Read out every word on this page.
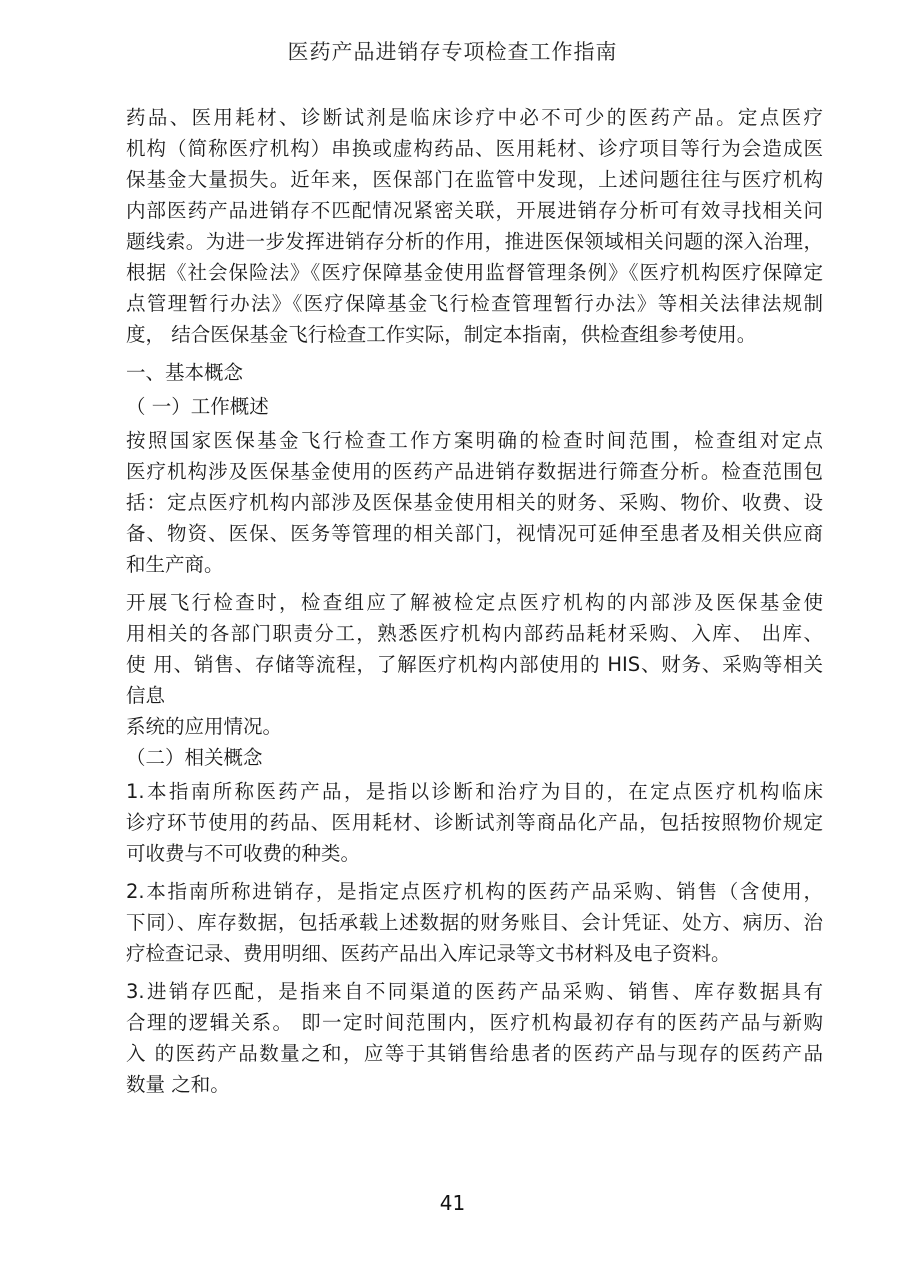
医药产品进销存专项检查工作指南
药品、医用耗材、诊断试剂是临床诊疗中必不可少的医药产品。定点医疗
机构（简称医疗机构）串换或虚构药品、医用耗材、诊疗项目等行为会造成医
保基金大量损失。近年来，医保部门在监管中发现，上述问题往往与医疗机构
内部医药产品进销存不匹配情况紧密关联，开展进销存分析可有效寻找相关问
题线索。为进一步发挥进销存分析的作用，推进医保领域相关问题的深入治理，
根据《社会保险法》《医疗保障基金使用监督管理条例》《医疗机构医疗保障定
点管理暂行办法》《医疗保障基金飞行检查管理暂行办法》等相关法律法规制
度， 结合医保基金飞行检查工作实际，制定本指南，供检查组参考使用。
一、基本概念
（ 一）工作概述
按照国家医保基金飞行检查工作方案明确的检查时间范围，检查组对定点
医疗机构涉及医保基金使用的医药产品进销存数据进行筛查分析。检查范围包
括：定点医疗机构内部涉及医保基金使用相关的财务、采购、物价、收费、设
备、物资、医保、医务等管理的相关部门，视情况可延伸至患者及相关供应商
和生产商。
开展飞行检查时，检查组应了解被检定点医疗机构的内部涉及医保基金使
用相关的各部门职责分工，熟悉医疗机构内部药品耗材采购、入库、 出库、
使 用、销售、存储等流程，了解医疗机构内部使用的 HIS、财务、采购等相关
信息
系统的应用情况。
（二）相关概念
1.本指南所称医药产品，是指以诊断和治疗为目的，在定点医疗机构临床
诊疗环节使用的药品、医用耗材、诊断试剂等商品化产品，包括按照物价规定
可收费与不可收费的种类。
2.本指南所称进销存，是指定点医疗机构的医药产品采购、销售（含使用，
下同）、库存数据，包括承载上述数据的财务账目、会计凭证、处方、病历、治
疗检查记录、费用明细、医药产品出入库记录等文书材料及电子资料。
3.进销存匹配，是指来自不同渠道的医药产品采购、销售、库存数据具有
合理的逻辑关系。 即一定时间范围内，医疗机构最初存有的医药产品与新购
入 的医药产品数量之和，应等于其销售给患者的医药产品与现存的医药产品
数量 之和。
41
